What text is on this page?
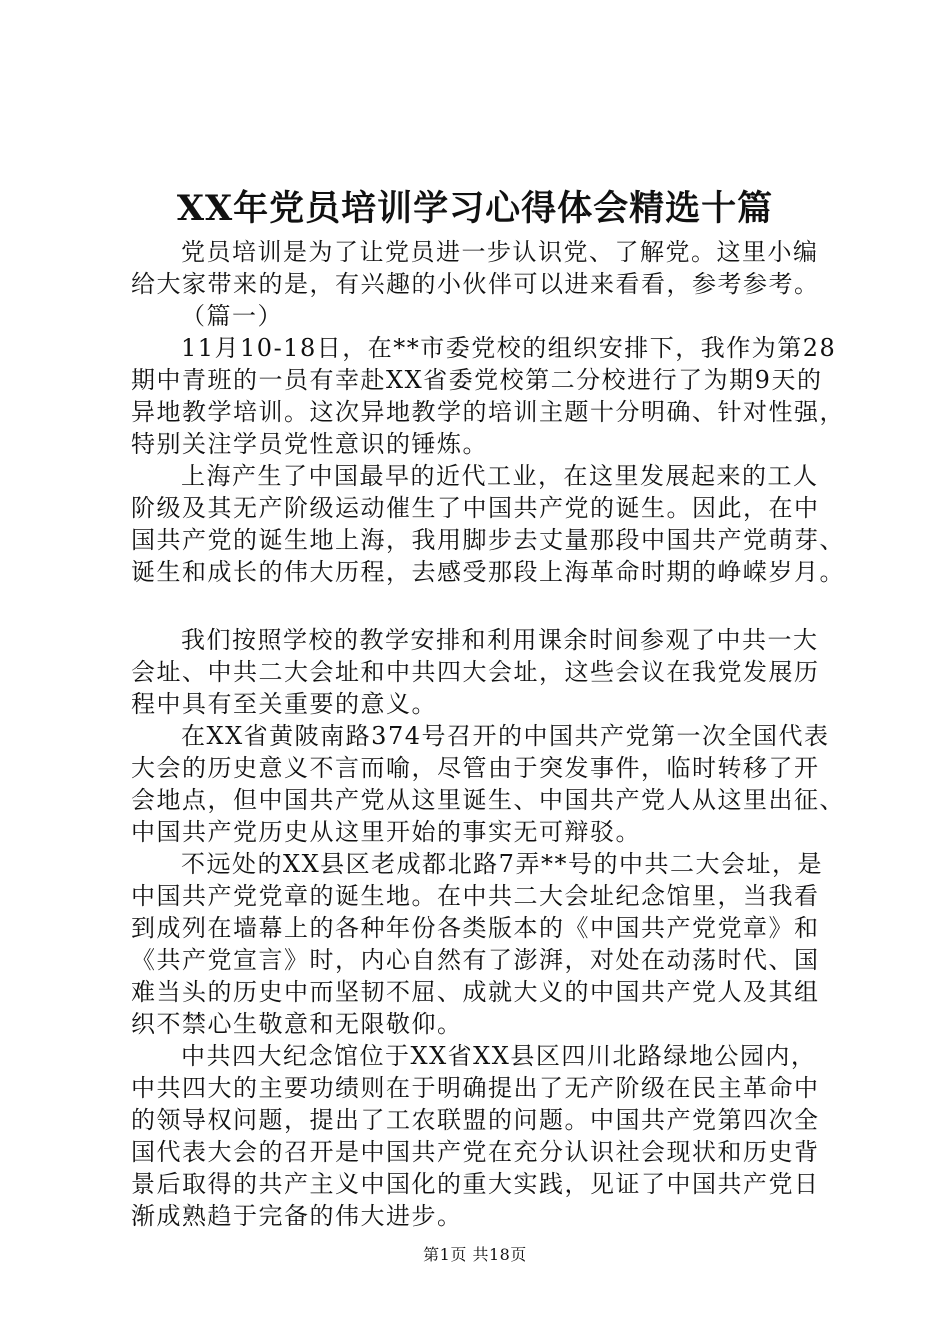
XX年党员培训学习心得体会精选十篇
党员培训是为了让党员进一步认识党、了解党。这里小编
给大家带来的是，有兴趣的小伙伴可以进来看看，参考参考。
（篇一）
11月10-18日，在**市委党校的组织安排下，我作为第28
期中青班的一员有幸赴XX省委党校第二分校进行了为期9天的
异地教学培训。这次异地教学的培训主题十分明确、针对性强，
特别关注学员党性意识的锤炼。
上海产生了中国最早的近代工业，在这里发展起来的工人
阶级及其无产阶级运动催生了中国共产党的诞生。因此，在中
国共产党的诞生地上海，我用脚步去丈量那段中国共产党萌芽、
诞生和成长的伟大历程，去感受那段上海革命时期的峥嵘岁月。
我们按照学校的教学安排和利用课余时间参观了中共一大
会址、中共二大会址和中共四大会址，这些会议在我党发展历
程中具有至关重要的意义。
在XX省黄陂南路374号召开的中国共产党第一次全国代表
大会的历史意义不言而喻，尽管由于突发事件，临时转移了开
会地点，但中国共产党从这里诞生、中国共产党人从这里出征、
中国共产党历史从这里开始的事实无可辩驳。
不远处的XX县区老成都北路7弄**号的中共二大会址，是
中国共产党党章的诞生地。在中共二大会址纪念馆里，当我看
到成列在墙幕上的各种年份各类版本的《中国共产党党章》和
《共产党宣言》时，内心自然有了澎湃，对处在动荡时代、国
难当头的历史中而坚韧不屈、成就大义的中国共产党人及其组
织不禁心生敬意和无限敬仰。
中共四大纪念馆位于XX省XX县区四川北路绿地公园内，
中共四大的主要功绩则在于明确提出了无产阶级在民主革命中
的领导权问题，提出了工农联盟的问题。中国共产党第四次全
国代表大会的召开是中国共产党在充分认识社会现状和历史背
景后取得的共产主义中国化的重大实践，见证了中国共产党日
渐成熟趋于完备的伟大进步。
第1页 共18页
